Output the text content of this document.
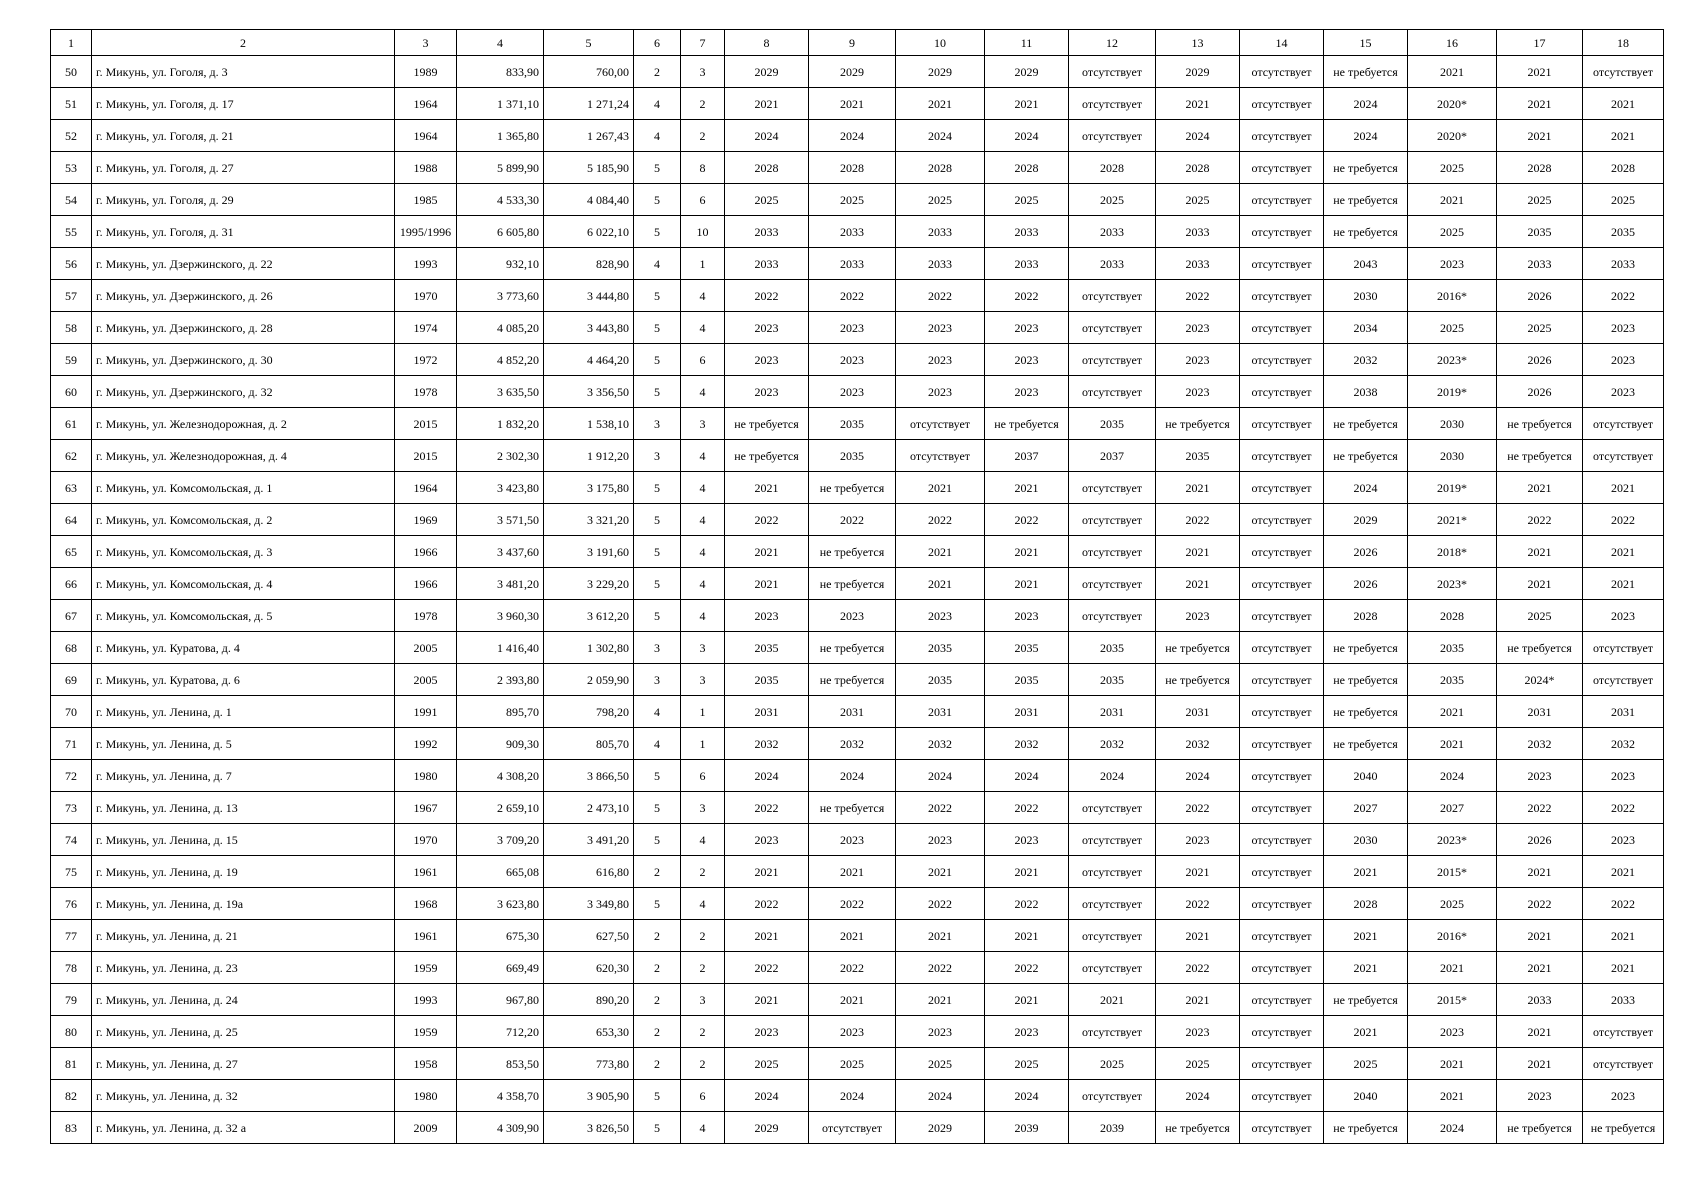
1	2	3	4	5	6	7	8	9	10	11	12	13	14	15	16	17	18
50	г. Микунь, ул. Гоголя, д. 3	1989	833,90	760,00	2	3	2029	2029	2029	2029	отсутствует	2029	отсутствует	не требуется	2021	2021	отсутствует
51	г. Микунь, ул. Гоголя, д. 17	1964	1 371,10	1 271,24	4	2	2021	2021	2021	2021	отсутствует	2021	отсутствует	2024	2020*	2021	2021
52	г. Микунь, ул. Гоголя, д. 21	1964	1 365,80	1 267,43	4	2	2024	2024	2024	2024	отсутствует	2024	отсутствует	2024	2020*	2021	2021
53	г. Микунь, ул. Гоголя, д. 27	1988	5 899,90	5 185,90	5	8	2028	2028	2028	2028	2028	2028	отсутствует	не требуется	2025	2028	2028
54	г. Микунь, ул. Гоголя, д. 29	1985	4 533,30	4 084,40	5	6	2025	2025	2025	2025	2025	2025	отсутствует	не требуется	2021	2025	2025
55	г. Микунь, ул. Гоголя, д. 31	1995/1996	6 605,80	6 022,10	5	10	2033	2033	2033	2033	2033	2033	отсутствует	не требуется	2025	2035	2035
56	г. Микунь, ул. Дзержинского, д. 22	1993	932,10	828,90	4	1	2033	2033	2033	2033	2033	2033	отсутствует	2043	2023	2033	2033
57	г. Микунь, ул. Дзержинского, д. 26	1970	3 773,60	3 444,80	5	4	2022	2022	2022	2022	отсутствует	2022	отсутствует	2030	2016*	2026	2022
58	г. Микунь, ул. Дзержинского, д. 28	1974	4 085,20	3 443,80	5	4	2023	2023	2023	2023	отсутствует	2023	отсутствует	2034	2025	2025	2023
59	г. Микунь, ул. Дзержинского, д. 30	1972	4 852,20	4 464,20	5	6	2023	2023	2023	2023	отсутствует	2023	отсутствует	2032	2023*	2026	2023
60	г. Микунь, ул. Дзержинского, д. 32	1978	3 635,50	3 356,50	5	4	2023	2023	2023	2023	отсутствует	2023	отсутствует	2038	2019*	2026	2023
61	г. Микунь, ул. Железнодорожная, д. 2	2015	1 832,20	1 538,10	3	3	не требуется	2035	отсутствует	не требуется	2035	не требуется	отсутствует	не требуется	2030	не требуется	отсутствует
62	г. Микунь, ул. Железнодорожная, д. 4	2015	2 302,30	1 912,20	3	4	не требуется	2035	отсутствует	2037	2037	2035	отсутствует	не требуется	2030	не требуется	отсутствует
63	г. Микунь, ул. Комсомольская, д. 1	1964	3 423,80	3 175,80	5	4	2021	не требуется	2021	2021	отсутствует	2021	отсутствует	2024	2019*	2021	2021
64	г. Микунь, ул. Комсомольская, д. 2	1969	3 571,50	3 321,20	5	4	2022	2022	2022	2022	отсутствует	2022	отсутствует	2029	2021*	2022	2022
65	г. Микунь, ул. Комсомольская, д. 3	1966	3 437,60	3 191,60	5	4	2021	не требуется	2021	2021	отсутствует	2021	отсутствует	2026	2018*	2021	2021
66	г. Микунь, ул. Комсомольская, д. 4	1966	3 481,20	3 229,20	5	4	2021	не требуется	2021	2021	отсутствует	2021	отсутствует	2026	2023*	2021	2021
67	г. Микунь, ул. Комсомольская, д. 5	1978	3 960,30	3 612,20	5	4	2023	2023	2023	2023	отсутствует	2023	отсутствует	2028	2028	2025	2023
68	г. Микунь, ул. Куратова, д. 4	2005	1 416,40	1 302,80	3	3	2035	не требуется	2035	2035	2035	не требуется	отсутствует	не требуется	2035	не требуется	отсутствует
69	г. Микунь, ул. Куратова, д. 6	2005	2 393,80	2 059,90	3	3	2035	не требуется	2035	2035	2035	не требуется	отсутствует	не требуется	2035	2024*	отсутствует
70	г. Микунь, ул. Ленина, д. 1	1991	895,70	798,20	4	1	2031	2031	2031	2031	2031	2031	отсутствует	не требуется	2021	2031	2031
71	г. Микунь, ул. Ленина, д. 5	1992	909,30	805,70	4	1	2032	2032	2032	2032	2032	2032	отсутствует	не требуется	2021	2032	2032
72	г. Микунь, ул. Ленина, д. 7	1980	4 308,20	3 866,50	5	6	2024	2024	2024	2024	2024	2024	отсутствует	2040	2024	2023	2023
73	г. Микунь, ул. Ленина, д. 13	1967	2 659,10	2 473,10	5	3	2022	не требуется	2022	2022	отсутствует	2022	отсутствует	2027	2027	2022	2022
74	г. Микунь, ул. Ленина, д. 15	1970	3 709,20	3 491,20	5	4	2023	2023	2023	2023	отсутствует	2023	отсутствует	2030	2023*	2026	2023
75	г. Микунь, ул. Ленина, д. 19	1961	665,08	616,80	2	2	2021	2021	2021	2021	отсутствует	2021	отсутствует	2021	2015*	2021	2021
76	г. Микунь, ул. Ленина, д. 19а	1968	3 623,80	3 349,80	5	4	2022	2022	2022	2022	отсутствует	2022	отсутствует	2028	2025	2022	2022
77	г. Микунь, ул. Ленина, д. 21	1961	675,30	627,50	2	2	2021	2021	2021	2021	отсутствует	2021	отсутствует	2021	2016*	2021	2021
78	г. Микунь, ул. Ленина, д. 23	1959	669,49	620,30	2	2	2022	2022	2022	2022	отсутствует	2022	отсутствует	2021	2021	2021	2021
79	г. Микунь, ул. Ленина, д. 24	1993	967,80	890,20	2	3	2021	2021	2021	2021	2021	2021	отсутствует	не требуется	2015*	2033	2033
80	г. Микунь, ул. Ленина, д. 25	1959	712,20	653,30	2	2	2023	2023	2023	2023	отсутствует	2023	отсутствует	2021	2023	2021	отсутствует
81	г. Микунь, ул. Ленина, д. 27	1958	853,50	773,80	2	2	2025	2025	2025	2025	2025	2025	отсутствует	2025	2021	2021	отсутствует
82	г. Микунь, ул. Ленина, д. 32	1980	4 358,70	3 905,90	5	6	2024	2024	2024	2024	отсутствует	2024	отсутствует	2040	2021	2023	2023
83	г. Микунь, ул. Ленина, д. 32 а	2009	4 309,90	3 826,50	5	4	2029	отсутствует	2029	2039	2039	не требуется	отсутствует	не требуется	2024	не требуется	не требуется
